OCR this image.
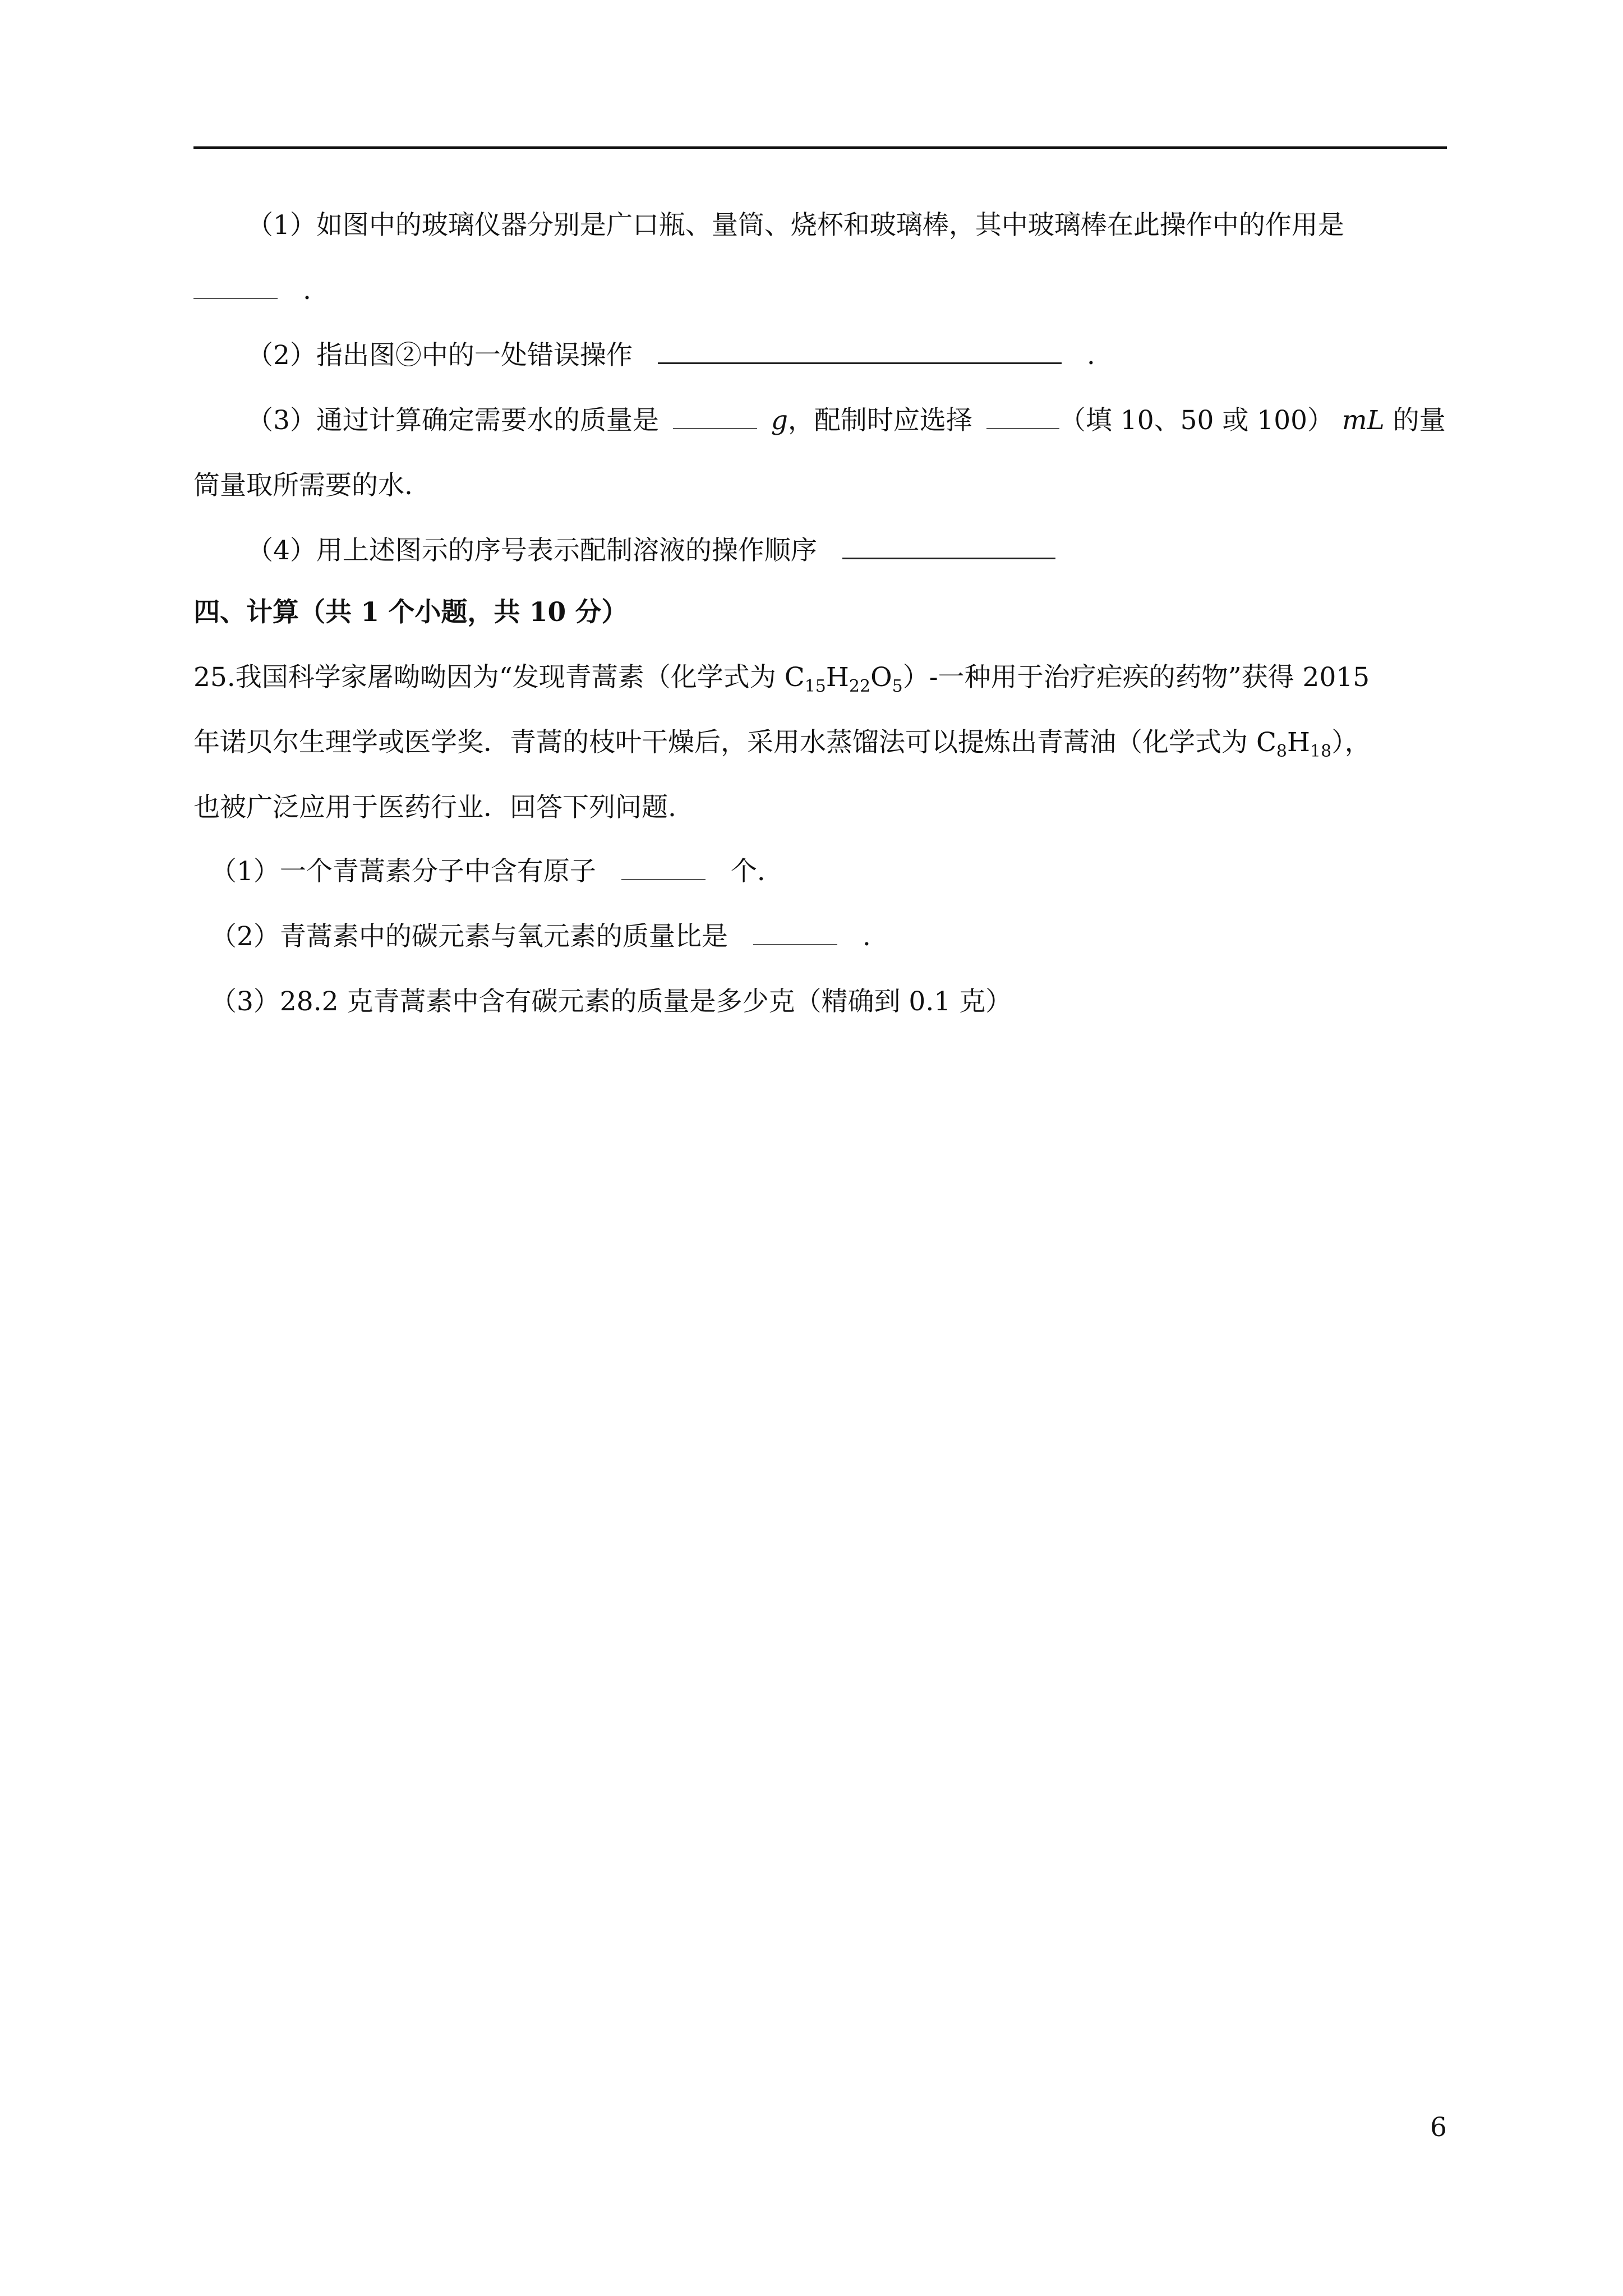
（1）如图中的玻璃仪器分别是广口瓶、量筒、烧杯和玻璃棒，其中玻璃棒在此操作中的作用是
.
（2）指出图②中的一处错误操作	.
（3）通过计算确定需要水的质量是	g，配制时应选择	（填 10、50 或 100） mL 的量
筒量取所需要的水.
（4）用上述图示的序号表示配制溶液的操作顺序
四、计算（共 1 个小题，共 10 分）
25.我国科学家屠呦呦因为“发现青蒿素（化学式为 $C_{15}H_{22}O_5)-$一种用于治疗疟疾的药物”获得 2015
年诺贝尔生理学或医学奖．青蒿的枝叶干燥后，采用水蒸馏法可以提炼出青蒿油（化学式为 $C_8H_{18}$），
也被广泛应用于医药行业．回答下列问题.
（1）一个青蒿素分子中含有原子	个.
（2）青蒿素中的碳元素与氧元素的质量比是	.
（3）28.2 克青蒿素中含有碳元素的质量是多少克（精确到 0.1 克）
6
